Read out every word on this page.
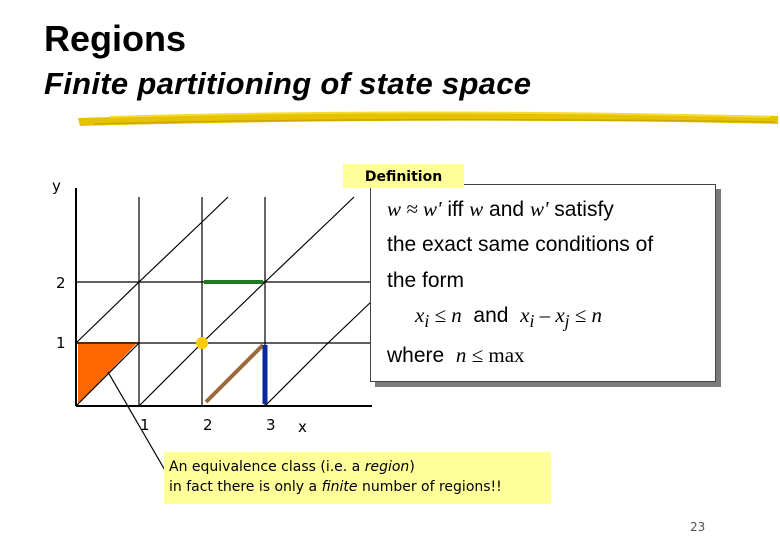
Regions
Finite partitioning of state space
y
2
1
1	2	3 x
w ≈ w' iff w and w' satisfy
the exact same conditions of
the form
$x_i \le n$ and $x_i - x_j \le n$
where n ≤ max
Definition
An equivalence class (i.e. a region)
in fact there is only a finite number of regions!!
23
